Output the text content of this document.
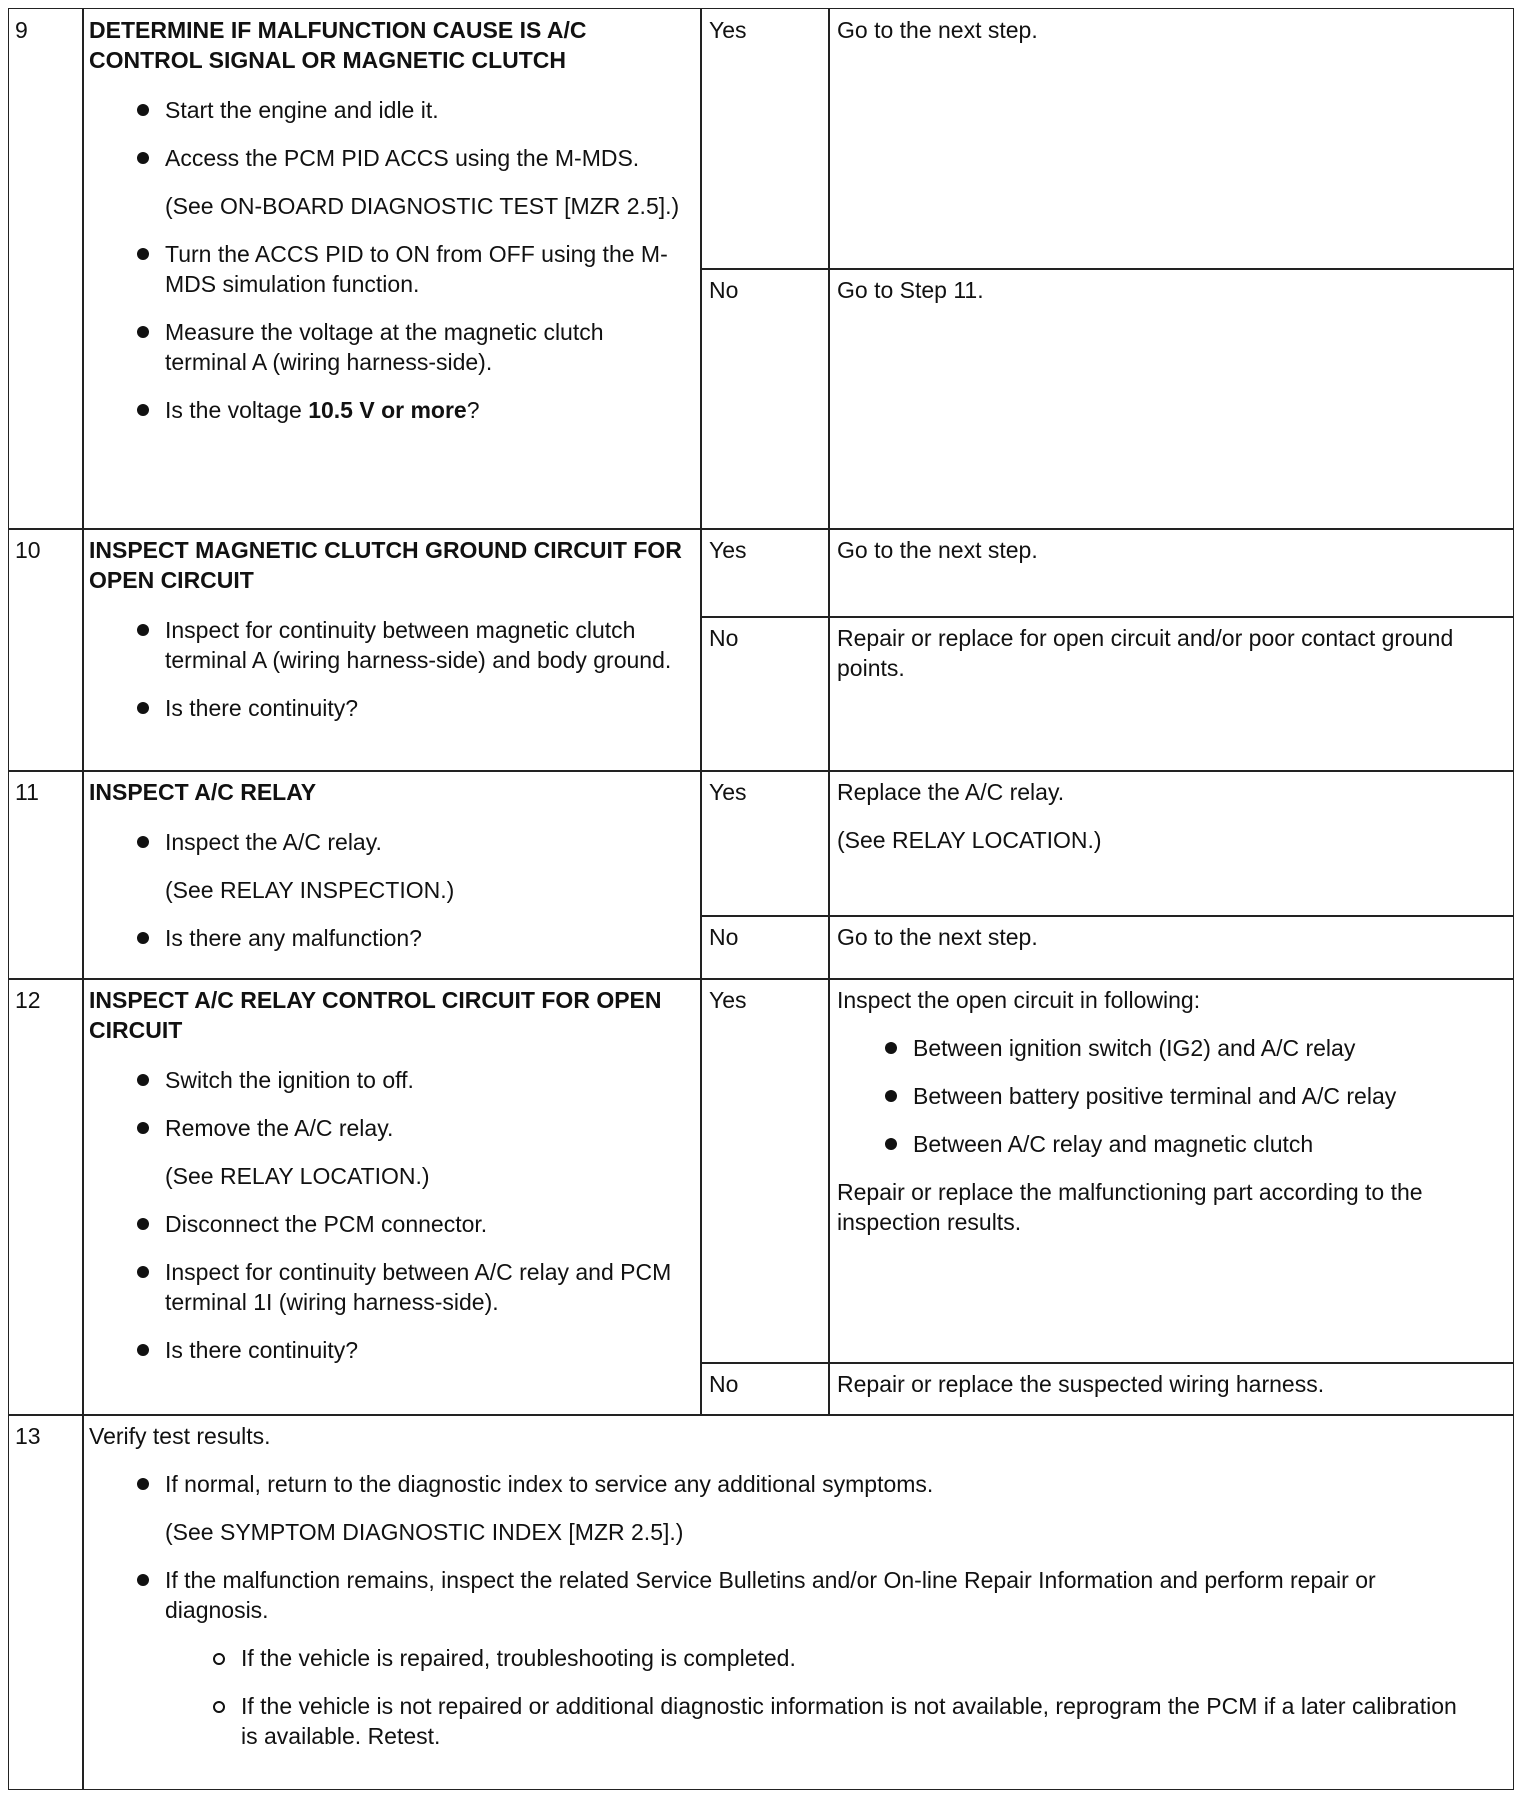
9	DETERMINE IF MALFUNCTION CAUSE IS A/C
CONTROL SIGNAL OR MAGNETIC CLUTCH
Start the engine and idle it.
Access the PCM PID ACCS using the M-MDS.
(See ON-BOARD DIAGNOSTIC TEST [MZR 2.5].)
Turn the ACCS PID to ON from OFF using the M-MDS simulation function.
Measure the voltage at the magnetic clutch terminal A (wiring harness-side).
Is the voltage 10.5 V or more?
Yes	Go to the next step.
No	Go to Step 11.
10	INSPECT MAGNETIC CLUTCH GROUND CIRCUIT FOR OPEN CIRCUIT
Inspect for continuity between magnetic clutch terminal A (wiring harness-side) and body ground.
Is there continuity?
Yes	Go to the next step.
No	Repair or replace for open circuit and/or poor contact ground points.
11	INSPECT A/C RELAY
Inspect the A/C relay.
(See RELAY INSPECTION.)
Is there any malfunction?
Yes	Replace the A/C relay.
(See RELAY LOCATION.)
No	Go to the next step.
12	INSPECT A/C RELAY CONTROL CIRCUIT FOR OPEN CIRCUIT
Switch the ignition to off.
Remove the A/C relay.
(See RELAY LOCATION.)
Disconnect the PCM connector.
Inspect for continuity between A/C relay and PCM terminal 1I (wiring harness-side).
Is there continuity?
Yes	Inspect the open circuit in following:
Between ignition switch (IG2) and A/C relay
Between battery positive terminal and A/C relay
Between A/C relay and magnetic clutch
Repair or replace the malfunctioning part according to the inspection results.
No	Repair or replace the suspected wiring harness.
13	Verify test results.
If normal, return to the diagnostic index to service any additional symptoms.
(See SYMPTOM DIAGNOSTIC INDEX [MZR 2.5].)
If the malfunction remains, inspect the related Service Bulletins and/or On-line Repair Information and perform repair or diagnosis.
If the vehicle is repaired, troubleshooting is completed.
If the vehicle is not repaired or additional diagnostic information is not available, reprogram the PCM if a later calibration is available. Retest.
